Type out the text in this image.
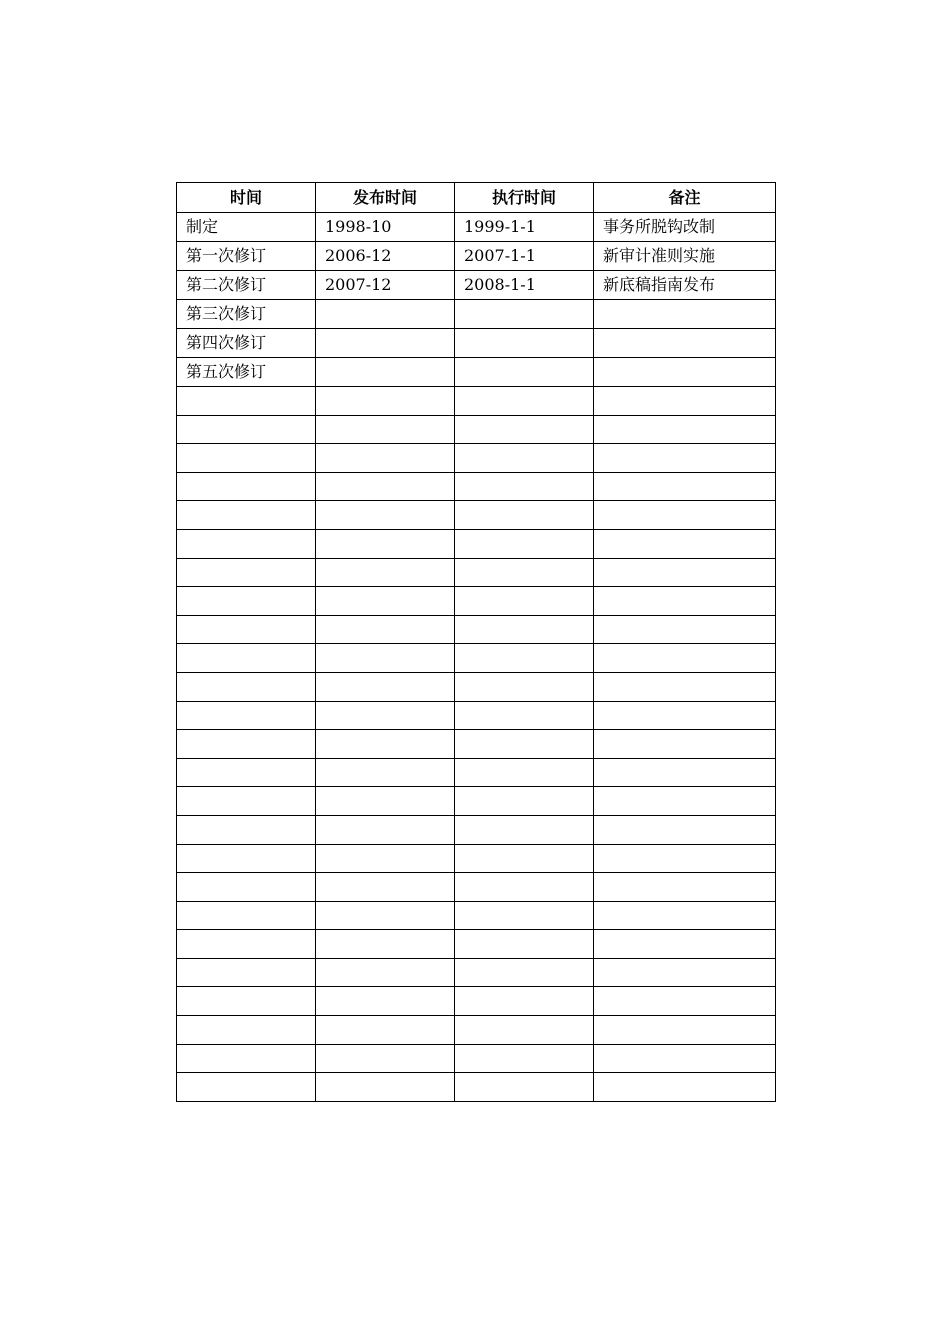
时间	发布时间	执行时间	备注
制定	1998-10	1999-1-1	事务所脱钩改制
第一次修订	2006-12	2007-1-1	新审计准则实施
第二次修订	2007-12	2008-1-1	新底稿指南发布
第三次修订			
第四次修订			
第五次修订			
